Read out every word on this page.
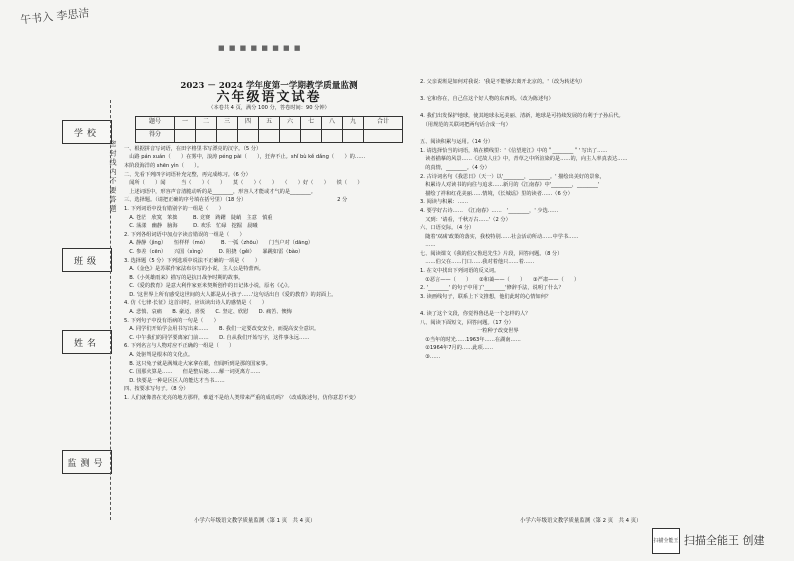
午书入 李思洁
■ ■ ■ ■ ■ ■ ■ ■
学校
班级
姓名
监测号
密 封 线 内 不 要 答 题
2023 － 2024 学年度第一学期教学质量监测
六年级语文试卷
（本卷共 4 页，满分 100 分，答卷时间：90 分钟）
题号	一	二	三	四	五	六	七	八	九	合计
得分										
一、根据拼音写词语，在田字格里书写漂亮的汉字。（5 分）
　山路 pán xuán（　　）在雾中，浪涛 péng pài（　　），狂奔不止。shǐ bù kě dǎng（　　）的……
本阶段海洋的 shēn yìn（　　）。
二、先看下列四字词语补充完整，再完成练习。（6 分）
　闻所（　　）闻　　　当（　　）（　　）　　莫（　　）（　　）　　（　　）好（　　）　　铁（　　）
　上述词语中，形容声音清脆动听的是________，形容人才能或才气的是________。
三、选择题。（请把正确的序号填在括号里）（18 分）　　　　　　　　　　　　　　　　　　2 分
1. 下列词语中没有错别字的一组是（　　）
　A. 苍茫　欣寞　笨拙　　　B. 竞赛　踌躇　陡峭　主意　慎重
　C. 荡漾　幽静　脑海　　　D. 欢乐　忙碌　挖掘　晨曦
2. 下列各组词语中加点字读音错误的一组是（　　）
　A. 静静（jìng）　　恒样样（mó）　　　B. 一弧（zhōu）　　门当户对（dāng）
　C. 参差（cēn）　　兴国（xìng）　　　D. 阻挠（gěi）　　暴跳如雷（bào）
3. 选择题（5 分）下列选项中说法不正确的一项是（　　）
　A.《金色》是苏联作家法布尔写的小说，主人公是特蕾西。
　B.《小英雄雨来》描写的是抗日战争时期的故事。
　C.《爱的教育》是意大利作家亚米契斯创作的日记体小说，原名《心》。
　D. '这世界上所有感受这世间的大人都是从小孩子……'这句话出自《爱的教育》的封面上。
4. 仿《七律·长征》这首诗时，应该读出诗人的感情是（　　）
　A. 悲愤、哀痛　　B. 豪迈、喜悦　　C. 坚定、欣慰　　D. 痛苦、懊悔
5. 下列句子中没有语病的一句是（　　）
　A. 同学们开始学会用书写出来……　　B. 我们一定要改变安全，而提高安全意识。
　C. 中午我们的同学要离家门前……　　D. 自从我们开始写字，这件事永远……
6. 下列名言与人物对应不正确的一组是（　　）
　A. 处驱驾是根本的文化点。
　B. 这只兔子就是满城走大家拿在眼，但闻听到是那的国家事。
　C. 国那火算是……　　但是整后她……解一词更离方……
　D. 快要是一种是区区人的能达才当书……
四、按要求写句子。（8 分）
1. 人们就像善在光亮的地方那样，难道不是给人类带来严重的成功吗？（改成陈述句，仿你意思不变）
小学六年级语文教学质量监测（第 1 页　共 4 页）
2. 父亲说班是如何对我说：'我是不能够去离开北京的。'（改为转述句）

3. 它和你在，自己住这个好人物的东西吗。（改为陈述句）

4. 我们出发保护地球，使其地球永远美丽、清新，地球是可持续发展的有利于子孙后代。
　（用规范的关联词把两句话合成一句）

五、阅读积累与运用。（14 分）
1. 请选择恰当的词语，填在横线里：'《信望迎江》中的＂________＂' 写出了……
　读者描摹的风景……《过故人庄》中，青草之中所渲染的是……的，向主人率真表达……
　的真情，________。（4 分）
2. 古诗词名句《我思日》（天一）以'________，________。' 描绘出美好的景象，
　积累诗人对读书的向往与追求……新月的《江南春》中'________，________'
　描绘了祥和红花美丽……情境，《长城谣》里的读者……（6 分）
3. 阅读与积累：……
4. 要学好古诗……　《江南春》……　'________，' 少选……
　又到：'请看，千秋万古……'（2 分）
六、口语交际。（4 分）
　随着'双减'政策的落实，我校特别……社会活动所动……中学书……
　……
七、阅读课文《我的伯父鲁迅先生》片段，回答问题。（8 分）
　……伯父在……门口……我对着他只……着……
1. 在文中找出下列词语的反义词。
　①恶言——（　　）　　②和蔼——（　　）　　③严肃——（　　）
2. '________' 的句子中用了'________'修辞手法，说明了什么？
3. 读画线句子，联系上下文推想，他们此时的心情如何？

4. 读了这个文段，你觉得鲁迅是一个怎样的人？
八、阅读下面短文，回答问题。（17 分）
　　　　　　　　　　　一粒种子改变世界
　①当年的时光……1963年……在湖南……
　②1964年7月的……此项……
　③……
小学六年级语文教学质量监测（第 2 页　共 4 页）
扫描全能王 扫描全能王 创建
